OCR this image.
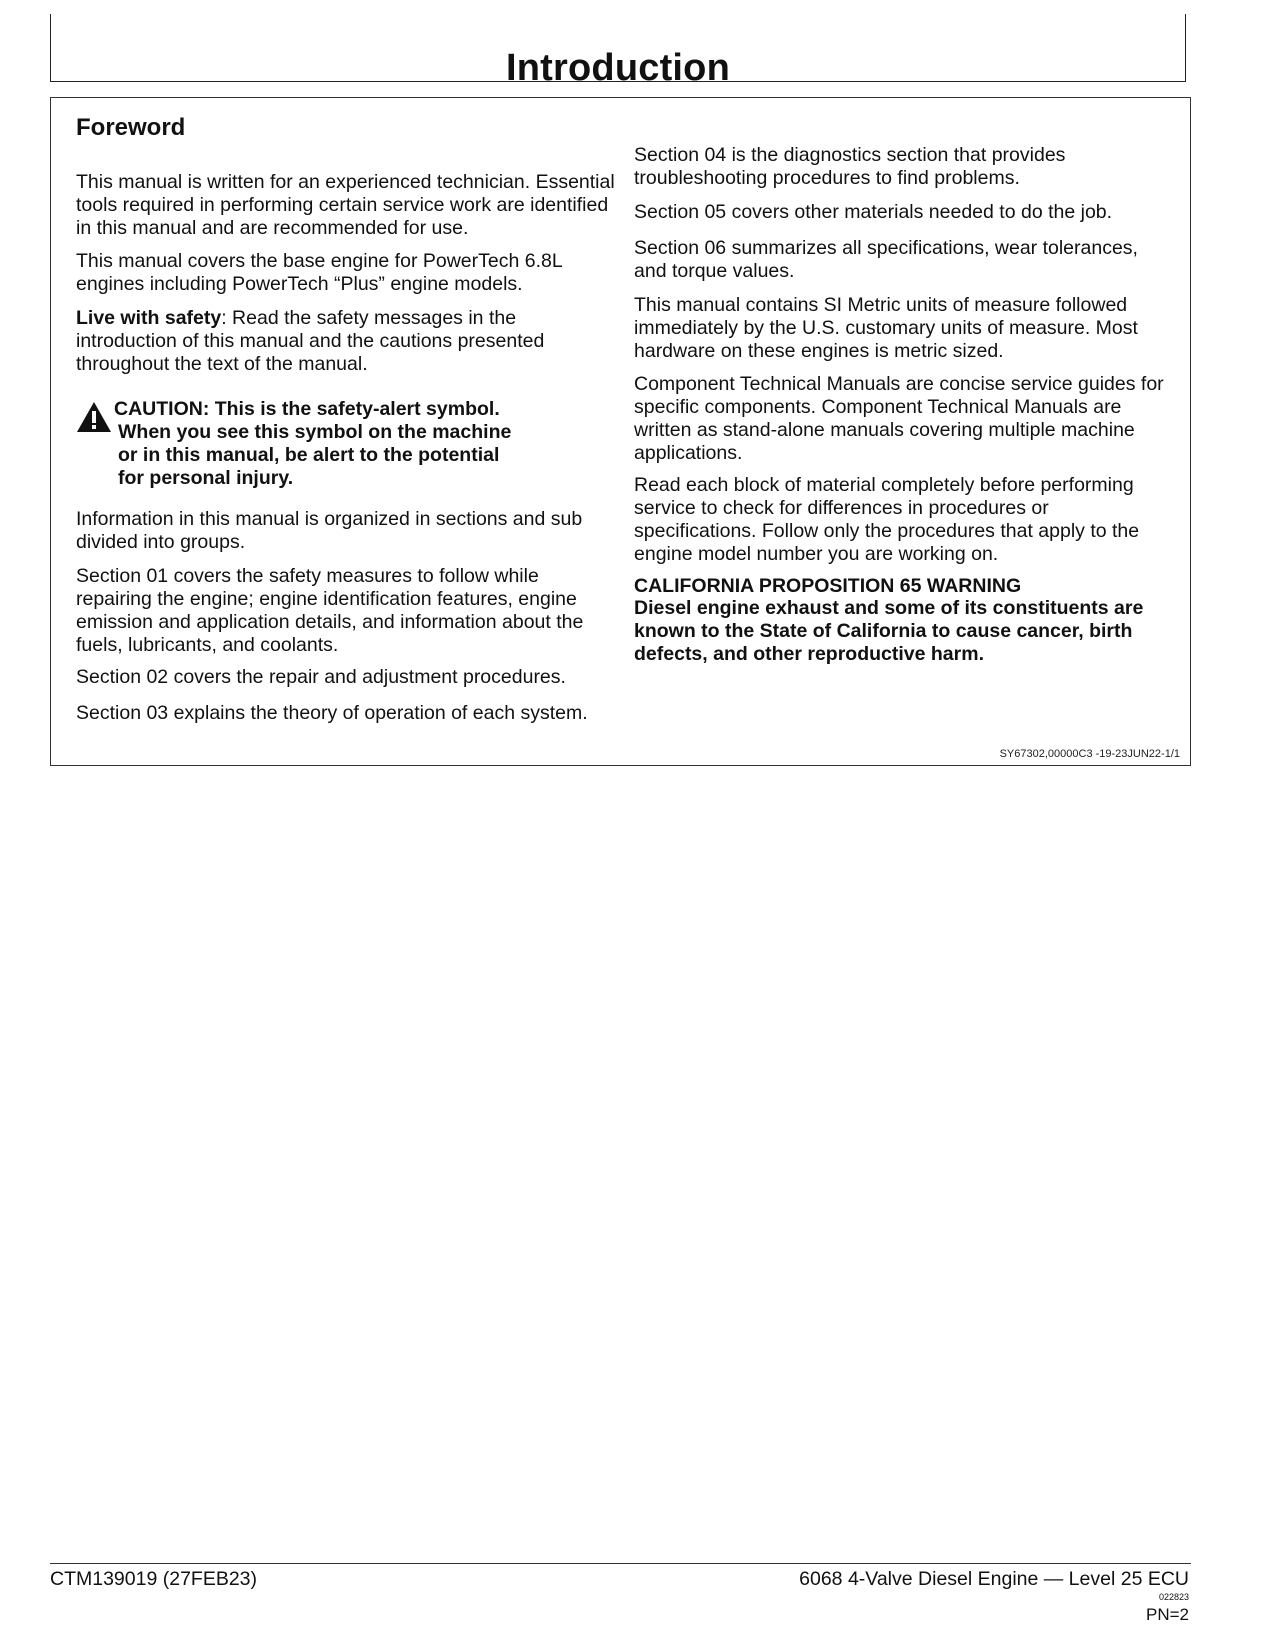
Introduction
Foreword

This manual is written for an experienced technician. Essential tools required in performing certain service work are identified in this manual and are recommended for use.

This manual covers the base engine for PowerTech 6.8L engines including PowerTech “Plus” engine models.

Live with safety: Read the safety messages in the introduction of this manual and the cautions presented throughout the text of the manual.

CAUTION: This is the safety-alert symbol.
When you see this symbol on the machine
or in this manual, be alert to the potential
for personal injury.

Information in this manual is organized in sections and sub divided into groups.

Section 01 covers the safety measures to follow while repairing the engine; engine identification features, engine emission and application details, and information about the fuels, lubricants, and coolants.

Section 02 covers the repair and adjustment procedures.

Section 03 explains the theory of operation of each system.

Section 04 is the diagnostics section that provides troubleshooting procedures to find problems.

Section 05 covers other materials needed to do the job.

Section 06 summarizes all specifications, wear tolerances, and torque values.

This manual contains SI Metric units of measure followed immediately by the U.S. customary units of measure. Most hardware on these engines is metric sized.

Component Technical Manuals are concise service guides for specific components. Component Technical Manuals are written as stand-alone manuals covering multiple machine applications.

Read each block of material completely before performing service to check for differences in procedures or specifications. Follow only the procedures that apply to the engine model number you are working on.

CALIFORNIA PROPOSITION 65 WARNING

Diesel engine exhaust and some of its constituents are known to the State of California to cause cancer, birth defects, and other reproductive harm.

SY67302,00000C3 -19-23JUN22-1/1
CTM139019 (27FEB23)	6068 4-Valve Diesel Engine — Level 25 ECU
022823
PN=2
